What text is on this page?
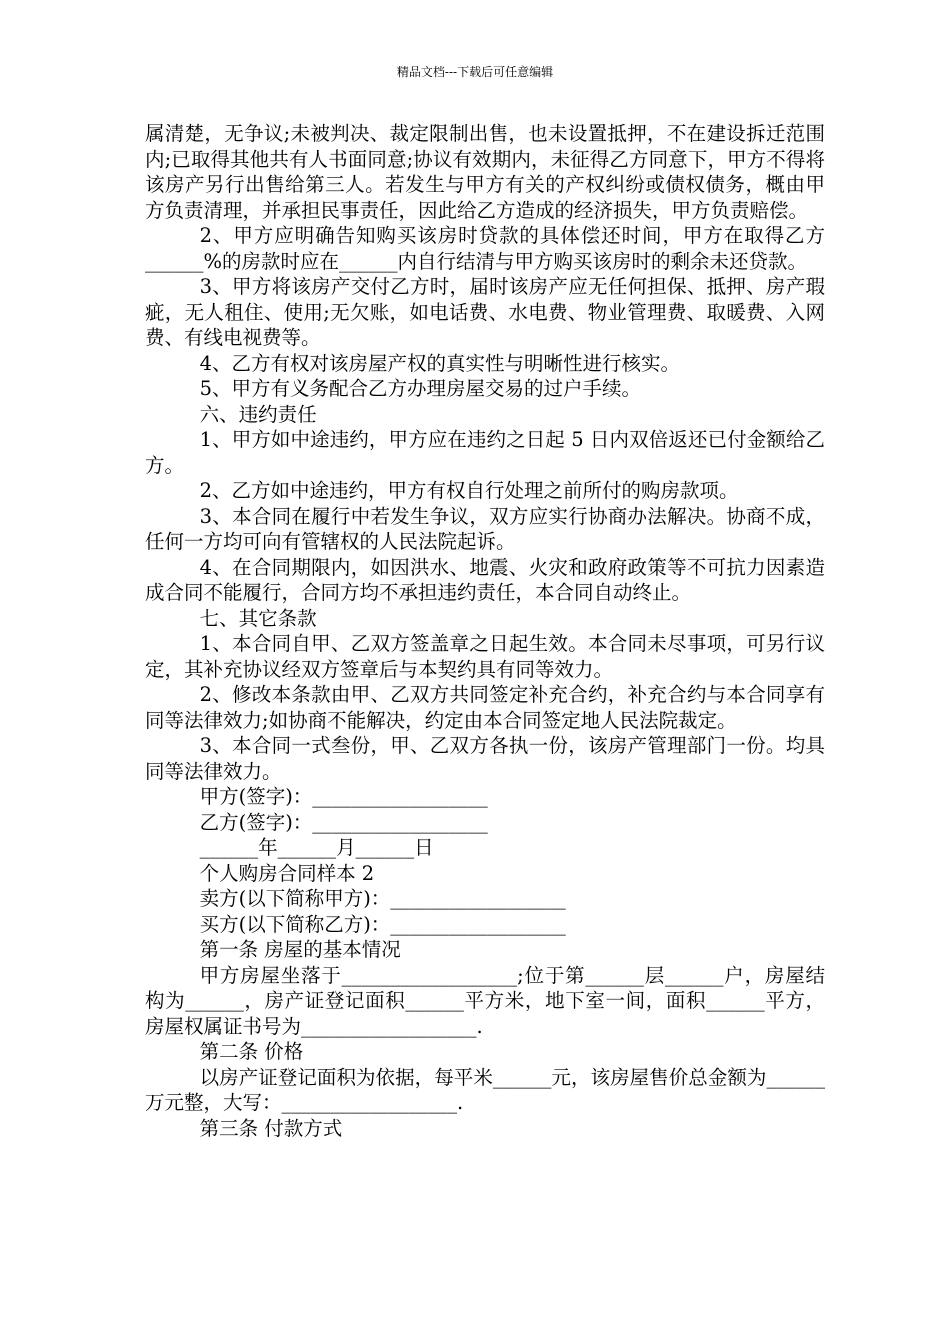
精品文档---下载后可任意编辑

属清楚，无争议;未被判决、裁定限制出售，也未设置抵押，不在建设拆迁范围内;已取得其他共有人书面同意;协议有效期内，未征得乙方同意下，甲方不得将该房产另行出售给第三人。若发生与甲方有关的产权纠纷或债权债务，概由甲方负责清理，并承担民事责任，因此给乙方造成的经济损失，甲方负责赔偿。

2、甲方应明确告知购买该房时贷款的具体偿还时间，甲方在取得乙方______%的房款时应在______内自行结清与甲方购买该房时的剩余未还贷款。

3、甲方将该房产交付乙方时，届时该房产应无任何担保、抵押、房产瑕疵，无人租住、使用;无欠账，如电话费、水电费、物业管理费、取暖费、入网费、有线电视费等。

4、乙方有权对该房屋产权的真实性与明晰性进行核实。

5、甲方有义务配合乙方办理房屋交易的过户手续。

六、违约责任

1、甲方如中途违约，甲方应在违约之日起 5 日内双倍返还已付金额给乙方。

2、乙方如中途违约，甲方有权自行处理之前所付的购房款项。

3、本合同在履行中若发生争议，双方应实行协商办法解决。协商不成，任何一方均可向有管辖权的人民法院起诉。

4、在合同期限内，如因洪水、地震、火灾和政府政策等不可抗力因素造成合同不能履行，合同方均不承担违约责任，本合同自动终止。

七、其它条款

1、本合同自甲、乙双方签盖章之日起生效。本合同未尽事项，可另行议定，其补充协议经双方签章后与本契约具有同等效力。

2、修改本条款由甲、乙双方共同签定补充合约，补充合约与本合同享有同等法律效力;如协商不能解决，约定由本合同签定地人民法院裁定。

3、本合同一式叁份，甲、乙双方各执一份，该房产管理部门一份。均具同等法律效力。

甲方(签字)：__________________

乙方(签字)：__________________

______年______月______日

个人购房合同样本 2

卖方(以下简称甲方)：__________________

买方(以下简称乙方)：__________________

第一条 房屋的基本情况

甲方房屋坐落于__________________;位于第______层______户，房屋结构为______，房产证登记面积______平方米，地下室一间，面积______平方，房屋权属证书号为__________________.

第二条 价格

以房产证登记面积为依据，每平米______元，该房屋售价总金额为______万元整，大写：__________________.

第三条 付款方式
